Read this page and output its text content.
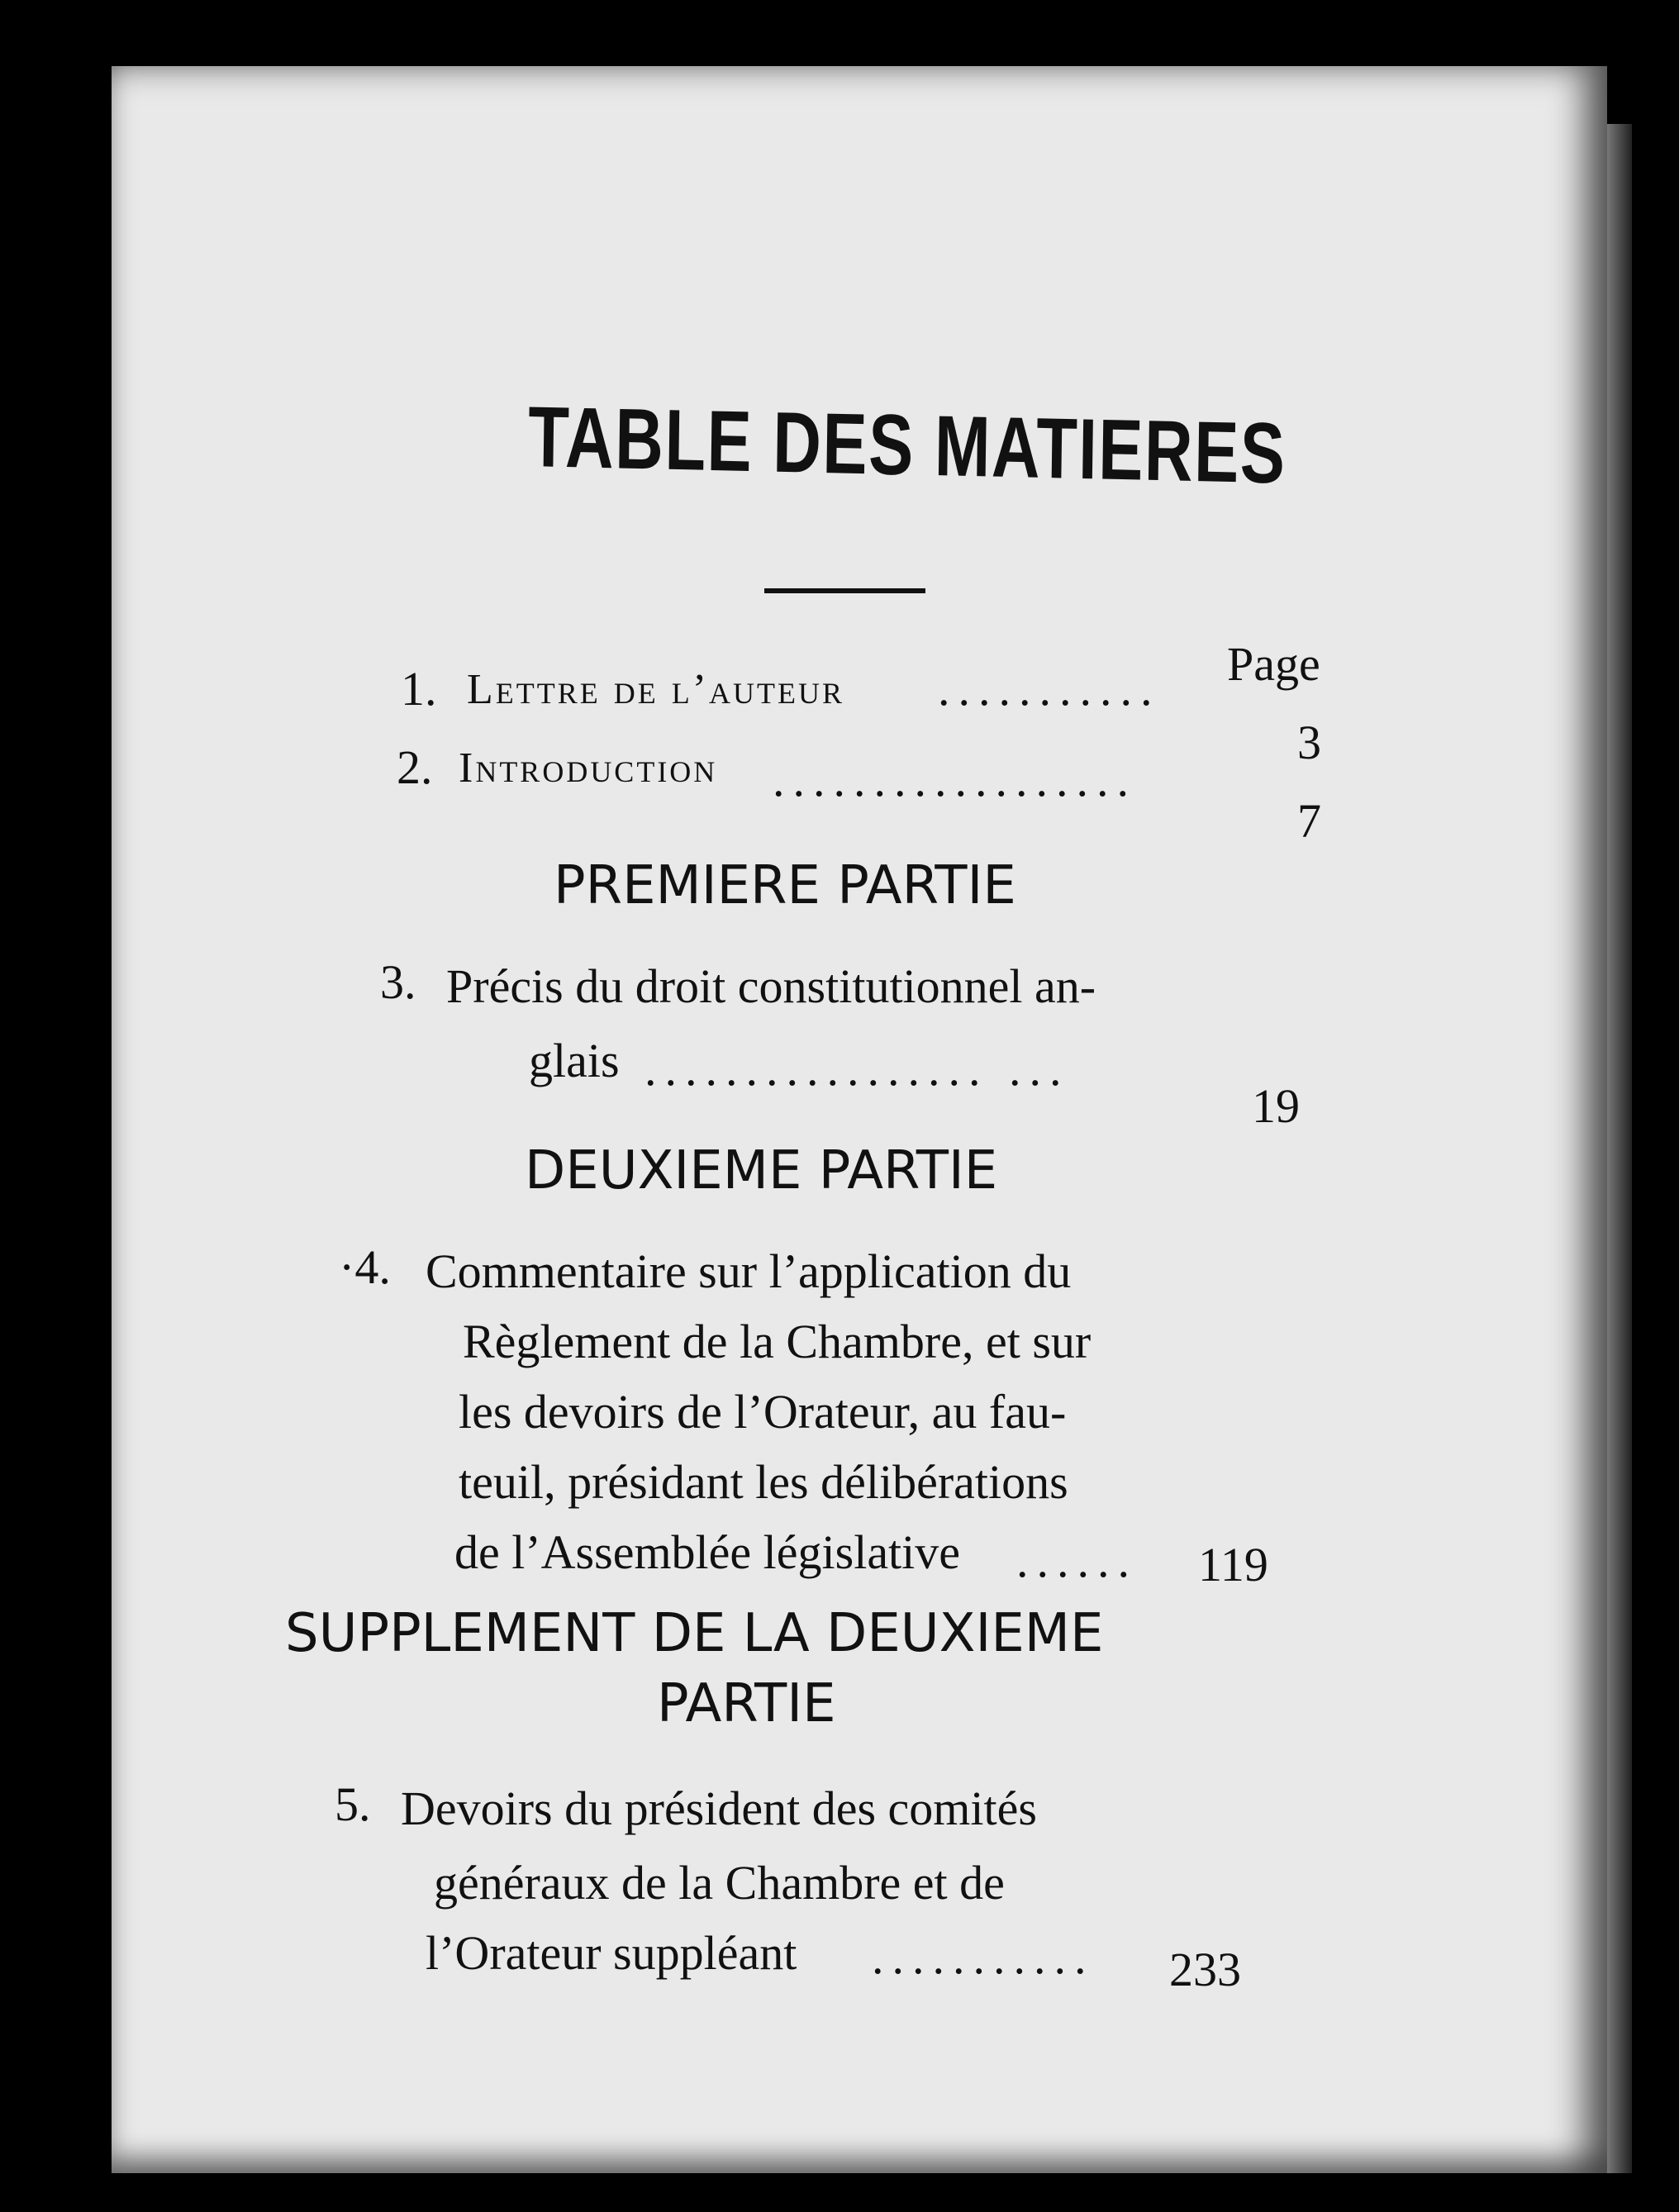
TABLE DES MATIERES
Page
1. Lettre de l’auteur ...........
3
2. Introduction ..................
7
PREMIERE PARTIE
3. Précis du droit constitutionnel an-
glais ................. ...
19
DEUXIEME PARTIE
·4. Commentaire sur l’application du
Règlement de la Chambre, et sur
les devoirs de l’Orateur, au fau-
teuil, présidant les délibérations
de l’Assemblée législative ...... 119
SUPPLEMENT DE LA DEUXIEME
PARTIE
5. Devoirs du président des comités
généraux de la Chambre et de
l’Orateur suppléant ........... 233
